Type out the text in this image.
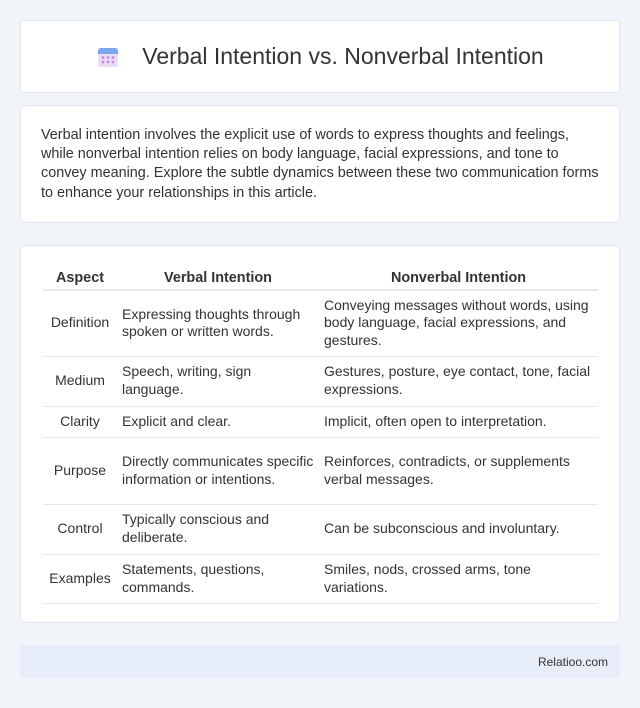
Verbal Intention vs. Nonverbal Intention

Verbal intention involves the explicit use of words to express thoughts and feelings, while nonverbal intention relies on body language, facial expressions, and tone to convey meaning. Explore the subtle dynamics between these two communication forms to enhance your relationships in this article.

Aspect	Verbal Intention	Nonverbal Intention
Definition	Expressing thoughts through spoken or written words.	Conveying messages without words, using body language, facial expressions, and gestures.
Medium	Speech, writing, sign language.	Gestures, posture, eye contact, tone, facial expressions.
Clarity	Explicit and clear.	Implicit, often open to interpretation.
Purpose	Directly communicates specific information or intentions.	Reinforces, contradicts, or supplements verbal messages.
Control	Typically conscious and deliberate.	Can be subconscious and involuntary.
Examples	Statements, questions, commands.	Smiles, nods, crossed arms, tone variations.
Relatioo.com
